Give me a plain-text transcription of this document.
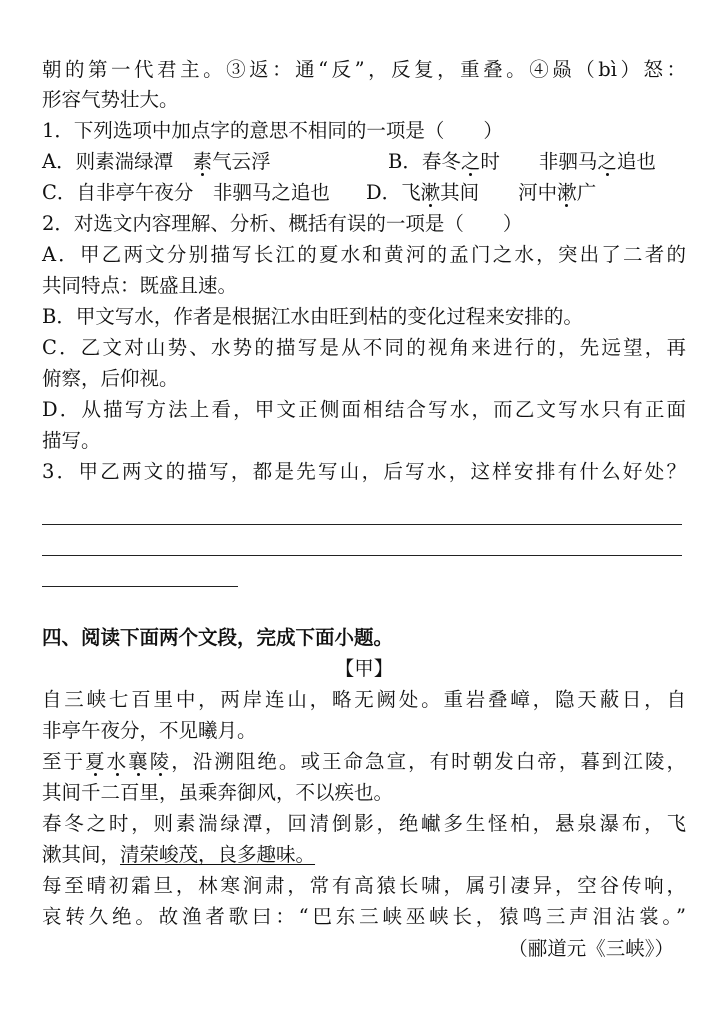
朝的第一代君主。③返：通“反”，反复，重叠。④赑（bì）怒：
形容气势壮大。
1．下列选项中加点字的意思不相同的一项是（　　）
A．则素湍绿潭　素气云浮	B．春冬之时　　非驷马之追也
C．自非亭午夜分　非驷马之追也 D．飞漱其间　　河中漱广
2．对选文内容理解、分析、概括有误的一项是（　　）
A．甲乙两文分别描写长江的夏水和黄河的孟门之水，突出了二者的
共同特点：既盛且速。
B．甲文写水，作者是根据江水由旺到枯的变化过程来安排的。
C．乙文对山势、水势的描写是从不同的视角来进行的，先远望，再
俯察，后仰视。
D．从描写方法上看，甲文正侧面相结合写水，而乙文写水只有正面
描写。
3．甲乙两文的描写，都是先写山，后写水，这样安排有什么好处？
四、阅读下面两个文段，完成下面小题。
【甲】
自三峡七百里中，两岸连山，略无阙处。重岩叠嶂，隐天蔽日，自
非亭午夜分，不见曦月。
至于夏水襄陵，沿溯阻绝。或王命急宣，有时朝发白帝，暮到江陵，
其间千二百里，虽乘奔御风，不以疾也。
春冬之时，则素湍绿潭，回清倒影，绝𪩘多生怪柏，悬泉瀑布，飞
漱其间，清荣峻茂，良多趣味。
每至晴初霜旦，林寒涧肃，常有高猿长啸，属引凄异，空谷传响，
哀转久绝。故渔者歌曰：“巴东三峡巫峡长，猿鸣三声泪沾裳。”
（郦道元《三峡》）
